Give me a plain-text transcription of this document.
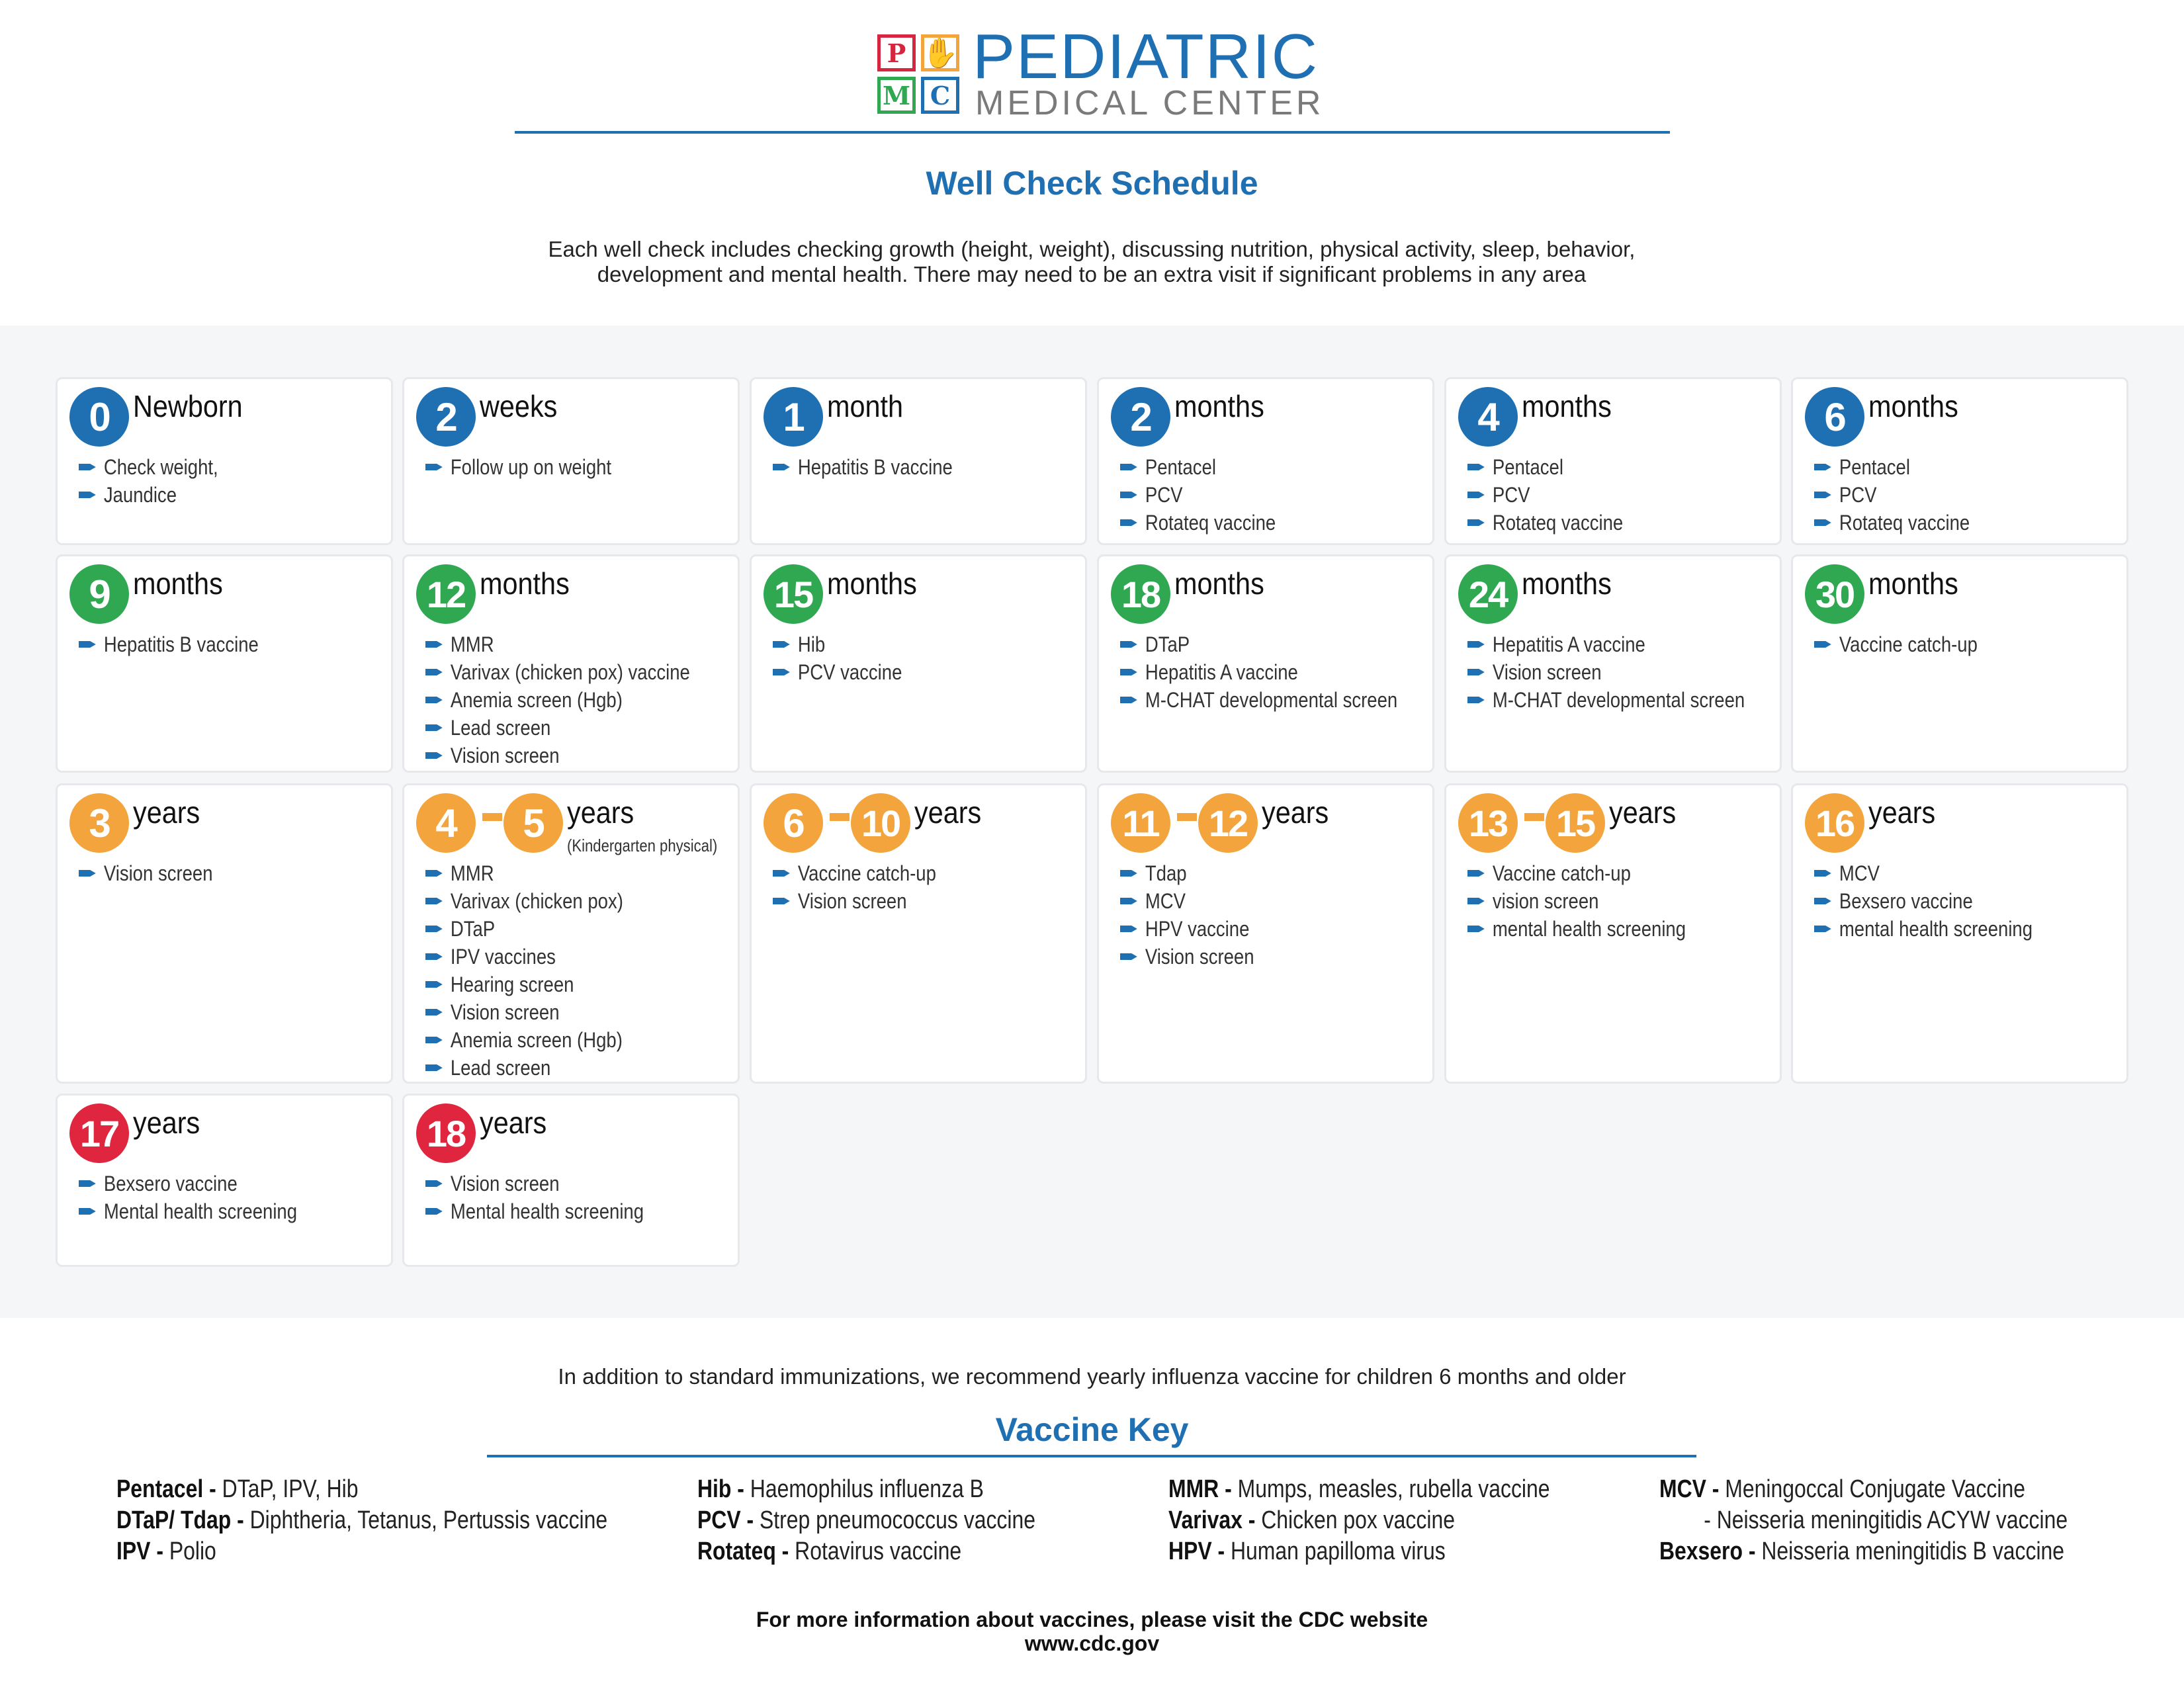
P ✋
M C
PEDIATRIC
MEDICAL CENTER
Well Check Schedule
Each well check includes checking growth (height, weight), discussing nutrition, physical activity, sleep, behavior,
development and mental health. There may need to be an extra visit if significant problems in any area
0 Newborn
Check weight,
Jaundice
2 weeks
Follow up on weight
1 month
Hepatitis B vaccine
2 months
Pentacel
PCV
Rotateq vaccine
4 months
Pentacel
PCV
Rotateq vaccine
6 months
Pentacel
PCV
Rotateq vaccine
9 months
Hepatitis B vaccine
12 months
MMR
Varivax (chicken pox) vaccine
Anemia screen (Hgb)
Lead screen
Vision screen
15 months
Hib
PCV vaccine
18 months
DTaP
Hepatitis A vaccine
M-CHAT developmental screen
24 months
Hepatitis A vaccine
Vision screen
M-CHAT developmental screen
30 months
Vaccine catch-up
3 years
Vision screen
4	5 years
(Kindergarten physical)
MMR
Varivax (chicken pox)
DTaP
IPV vaccines
Hearing screen
Vision screen
Anemia screen (Hgb)
Lead screen
6	10 years
Vaccine catch-up
Vision screen
11	12 years
Tdap
MCV
HPV vaccine
Vision screen
13 15 years
Vaccine catch-up
vision screen
mental health screening
16 years
MCV
Bexsero vaccine
mental health screening
17 years
Bexsero vaccine
Mental health screening
18 years
Vision screen
Mental health screening
In addition to standard immunizations, we recommend yearly influenza vaccine for children 6 months and older
Vaccine Key
Pentacel - DTaP, IPV, Hib
DTaP/ Tdap - Diphtheria, Tetanus, Pertussis vaccine
IPV - Polio
Hib - Haemophilus influenza B
PCV - Strep pneumococcus vaccine
Rotateq - Rotavirus vaccine
MMR - Mumps, measles, rubella vaccine
Varivax - Chicken pox vaccine
HPV - Human papilloma virus
MCV - Meningoccal Conjugate Vaccine
- Neisseria meningitidis ACYW vaccine
Bexsero - Neisseria meningitidis B vaccine
For more information about vaccines, please visit the CDC website
www.cdc.gov
